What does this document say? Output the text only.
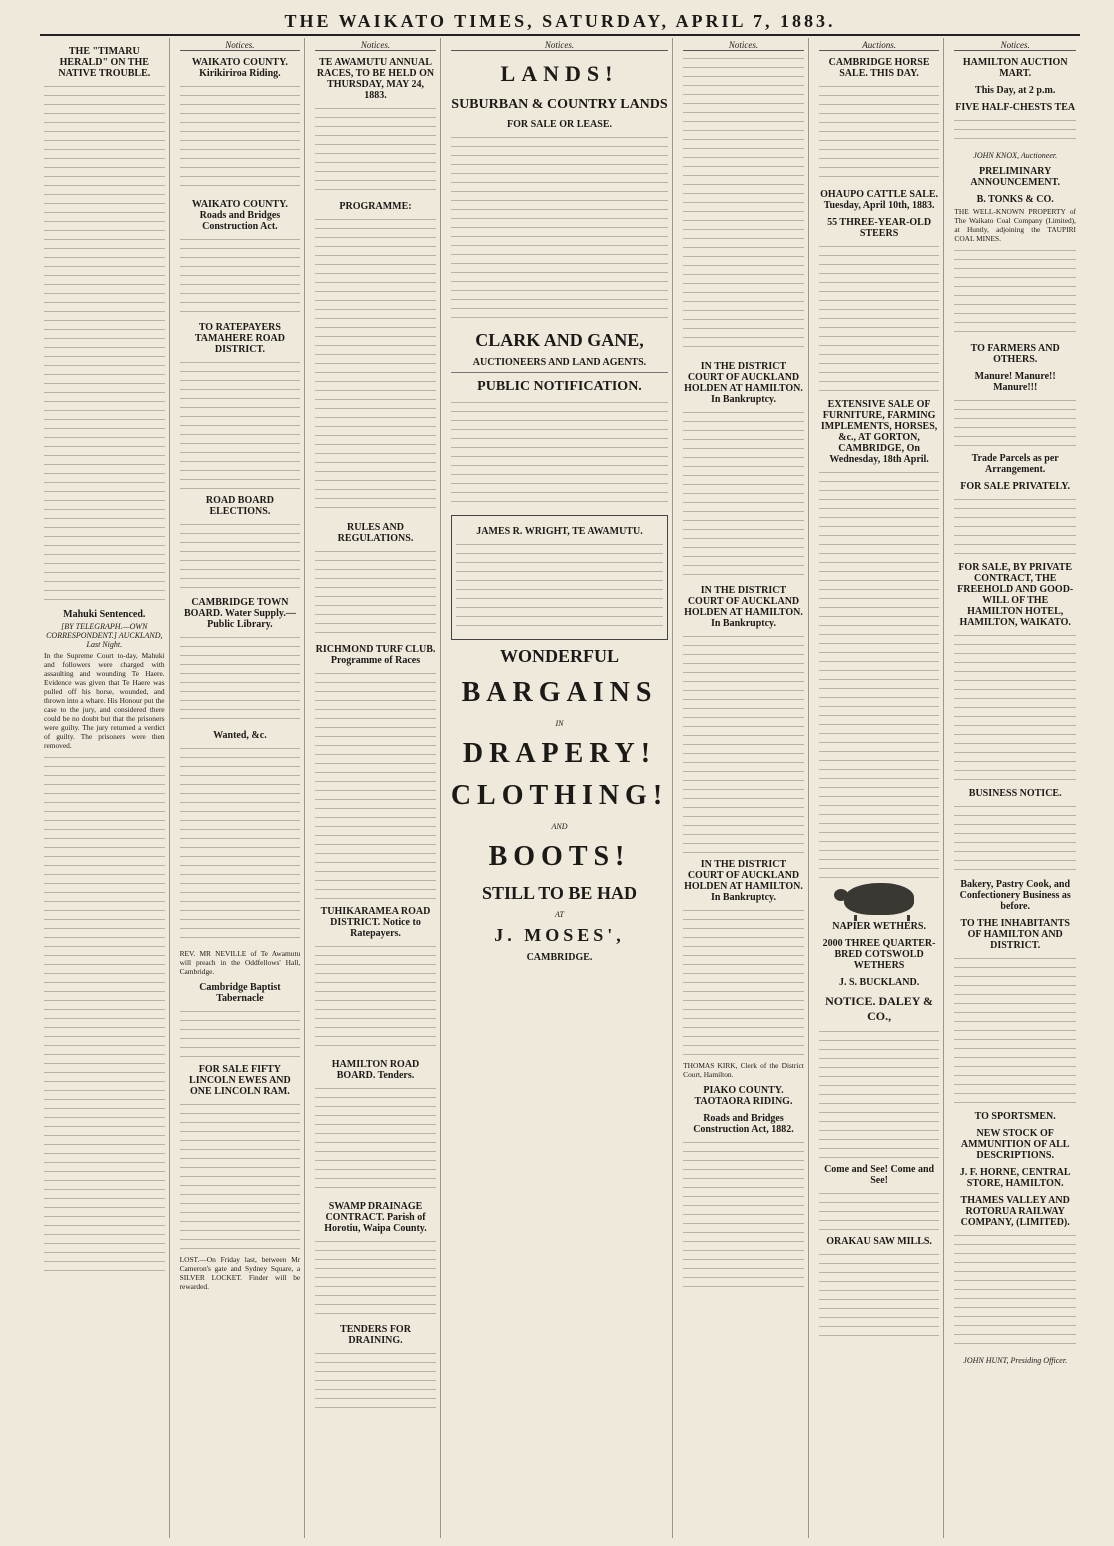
THE WAIKATO TIMES, SATURDAY, APRIL 7, 1883.
THE "TIMARU HERALD" ON THE NATIVE TROUBLE.
Mahuki Sentenced.
[BY TELEGRAPH.—OWN CORRESPONDENT.] AUCKLAND, Last Night.

In the Supreme Court to-day, Mahuki and followers were charged with assaulting and wounding Te Haere. Evidence was given that Te Haere was pulled off his horse, wounded, and thrown into a whare. His Honour put the case to the jury, and considered there could be no doubt but that the prisoners were guilty. The jury returned a verdict of guilty. The prisoners were then removed.

Notices.
WAIKATO COUNTY. Kirikiriroa Riding.
WAIKATO COUNTY. Roads and Bridges Construction Act.
TO RATEPAYERS TAMAHERE ROAD DISTRICT.
ROAD BOARD ELECTIONS.
CAMBRIDGE TOWN BOARD. Water Supply.—Public Library.
Wanted, &c.

REV. MR NEVILLE of Te Awamutu will preach in the Oddfellows' Hall, Cambridge.

Cambridge Baptist Tabernacle
FOR SALE FIFTY LINCOLN EWES AND ONE LINCOLN RAM.

LOST.—On Friday last, between Mr Cameron's gate and Sydney Square, a SILVER LOCKET. Finder will be rewarded.

Notices.
TE AWAMUTU ANNUAL RACES, TO BE HELD ON THURSDAY, MAY 24, 1883.
PROGRAMME:
RULES AND REGULATIONS.
RICHMOND TURF CLUB. Programme of Races
TUHIKARAMEA ROAD DISTRICT. Notice to Ratepayers.
HAMILTON ROAD BOARD. Tenders.
SWAMP DRAINAGE CONTRACT. Parish of Horotiu, Waipa County.
TENDERS FOR DRAINING.
Notices.
LANDS!
SUBURBAN & COUNTRY LANDS
FOR SALE OR LEASE.
CLARK AND GANE,
AUCTIONEERS AND LAND AGENTS.
PUBLIC NOTIFICATION.
JAMES R. WRIGHT, TE AWAMUTU.
WONDERFUL
BARGAINS
IN
DRAPERY!
CLOTHING!
AND
BOOTS!
STILL TO BE HAD
AT
J. MOSES',
CAMBRIDGE.
Notices.
IN THE DISTRICT COURT OF AUCKLAND HOLDEN AT HAMILTON. In Bankruptcy.
IN THE DISTRICT COURT OF AUCKLAND HOLDEN AT HAMILTON. In Bankruptcy.
IN THE DISTRICT COURT OF AUCKLAND HOLDEN AT HAMILTON. In Bankruptcy.

THOMAS KIRK, Clerk of the District Court, Hamilton.

PIAKO COUNTY. TAOTAORA RIDING.
Roads and Bridges Construction Act, 1882.
Auctions.
CAMBRIDGE HORSE SALE. THIS DAY.
OHAUPO CATTLE SALE. Tuesday, April 10th, 1883.
55 THREE-YEAR-OLD STEERS
EXTENSIVE SALE OF FURNITURE, FARMING IMPLEMENTS, HORSES, &c., AT GORTON, CAMBRIDGE, On Wednesday, 18th April.
NAPIER WETHERS.
2000 THREE QUARTER-BRED COTSWOLD WETHERS
J. S. BUCKLAND.
NOTICE. DALEY & CO.,
Come and See! Come and See!
ORAKAU SAW MILLS.
Notices.
HAMILTON AUCTION MART.
This Day, at 2 p.m.
FIVE HALF-CHESTS TEA
JOHN KNOX, Auctioneer.
PRELIMINARY ANNOUNCEMENT.
B. TONKS & CO.

THE WELL-KNOWN PROPERTY of The Waikato Coal Company (Limited), at Huntly, adjoining the TAUPIRI COAL MINES.

TO FARMERS AND OTHERS.
Manure! Manure!! Manure!!!
Trade Parcels as per Arrangement.
FOR SALE PRIVATELY.
FOR SALE, BY PRIVATE CONTRACT, THE FREEHOLD AND GOOD-WILL OF THE HAMILTON HOTEL, HAMILTON, WAIKATO.
BUSINESS NOTICE.
Bakery, Pastry Cook, and Confectionery Business as before.
TO THE INHABITANTS OF HAMILTON AND DISTRICT.
TO SPORTSMEN.
NEW STOCK OF AMMUNITION OF ALL DESCRIPTIONS.
J. F. HORNE, CENTRAL STORE, HAMILTON.
THAMES VALLEY AND ROTORUA RAILWAY COMPANY, (LIMITED).
JOHN HUNT, Presiding Officer.
